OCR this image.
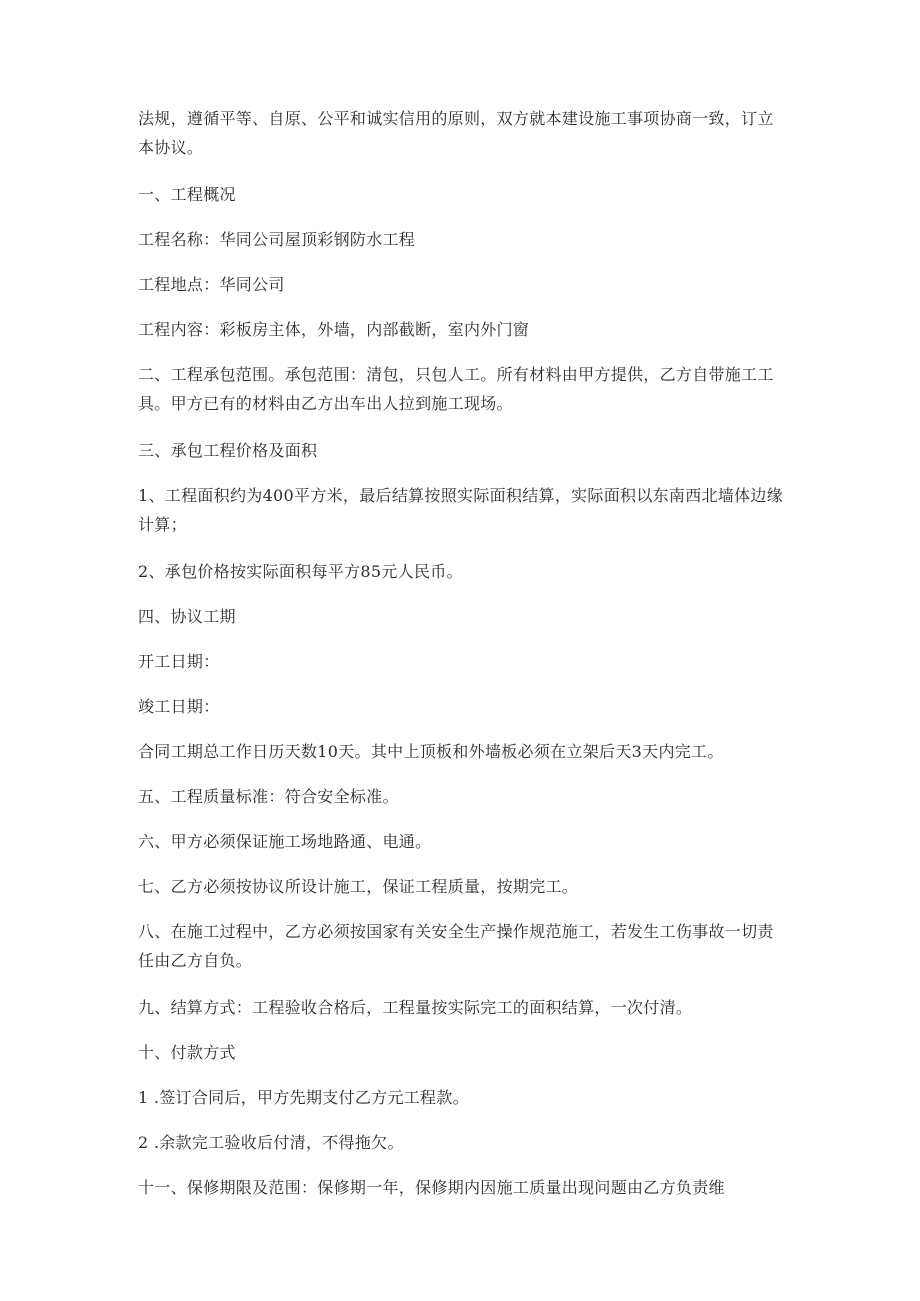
法规，遵循平等、自原、公平和诚实信用的原则，双方就本建设施工事项协商一致，订立本协议。

一、工程概况

工程名称：华同公司屋顶彩钢防水工程

工程地点：华同公司

工程内容：彩板房主体，外墙，内部截断，室内外门窗

二、工程承包范围。承包范围：清包，只包人工。所有材料由甲方提供，乙方自带施工工具。甲方已有的材料由乙方出车出人拉到施工现场。

三、承包工程价格及面积

1、工程面积约为400平方米，最后结算按照实际面积结算，实际面积以东南西北墙体边缘计算；

2、承包价格按实际面积每平方85元人民币。

四、协议工期

开工日期：

竣工日期：

合同工期总工作日历天数10天。其中上顶板和外墙板必须在立架后天3天内完工。

五、工程质量标准：符合安全标准。

六、甲方必须保证施工场地路通、电通。

七、乙方必须按协议所设计施工，保证工程质量，按期完工。

八、在施工过程中，乙方必须按国家有关安全生产操作规范施工，若发生工伤事故一切责任由乙方自负。

九、结算方式：工程验收合格后，工程量按实际完工的面积结算，一次付清。

十、付款方式

1 .签订合同后，甲方先期支付乙方元工程款。

2 .余款完工验收后付清，不得拖欠。

十一、保修期限及范围：保修期一年，保修期内因施工质量出现问题由乙方负责维
